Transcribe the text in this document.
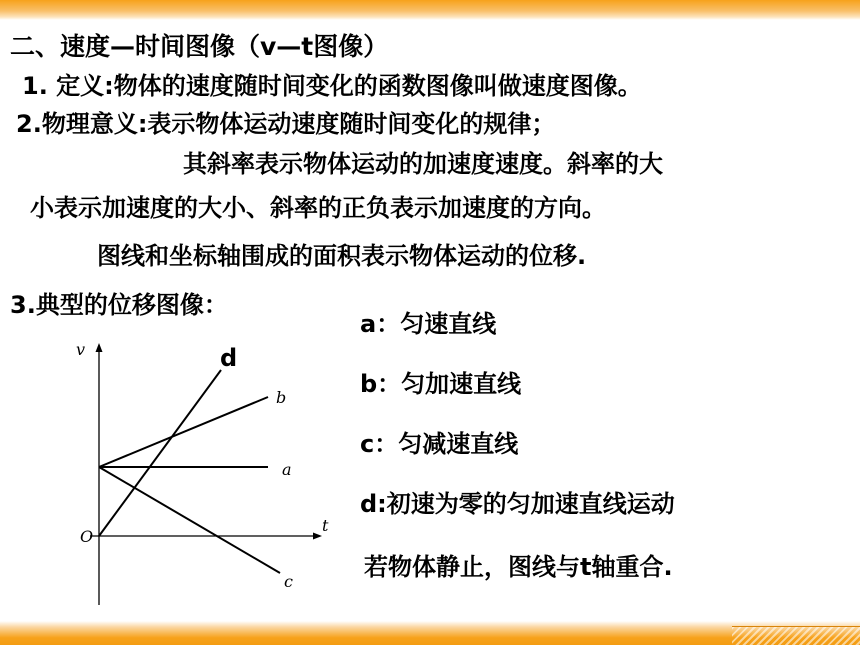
二、速度—时间图像（v—t图像）
1. 定义:物体的速度随时间变化的函数图像叫做速度图像。
2.物理意义:表示物体运动速度随时间变化的规律；
其斜率表示物体运动的加速度速度。斜率的大
小表示加速度的大小、斜率的正负表示加速度的方向。
图线和坐标轴围成的面积表示物体运动的位移.
3.典型的位移图像：
v
t
O
a
b
c
d
a：匀速直线
b：匀加速直线
c：匀减速直线
d:初速为零的匀加速直线运动
若物体静止，图线与t轴重合.
